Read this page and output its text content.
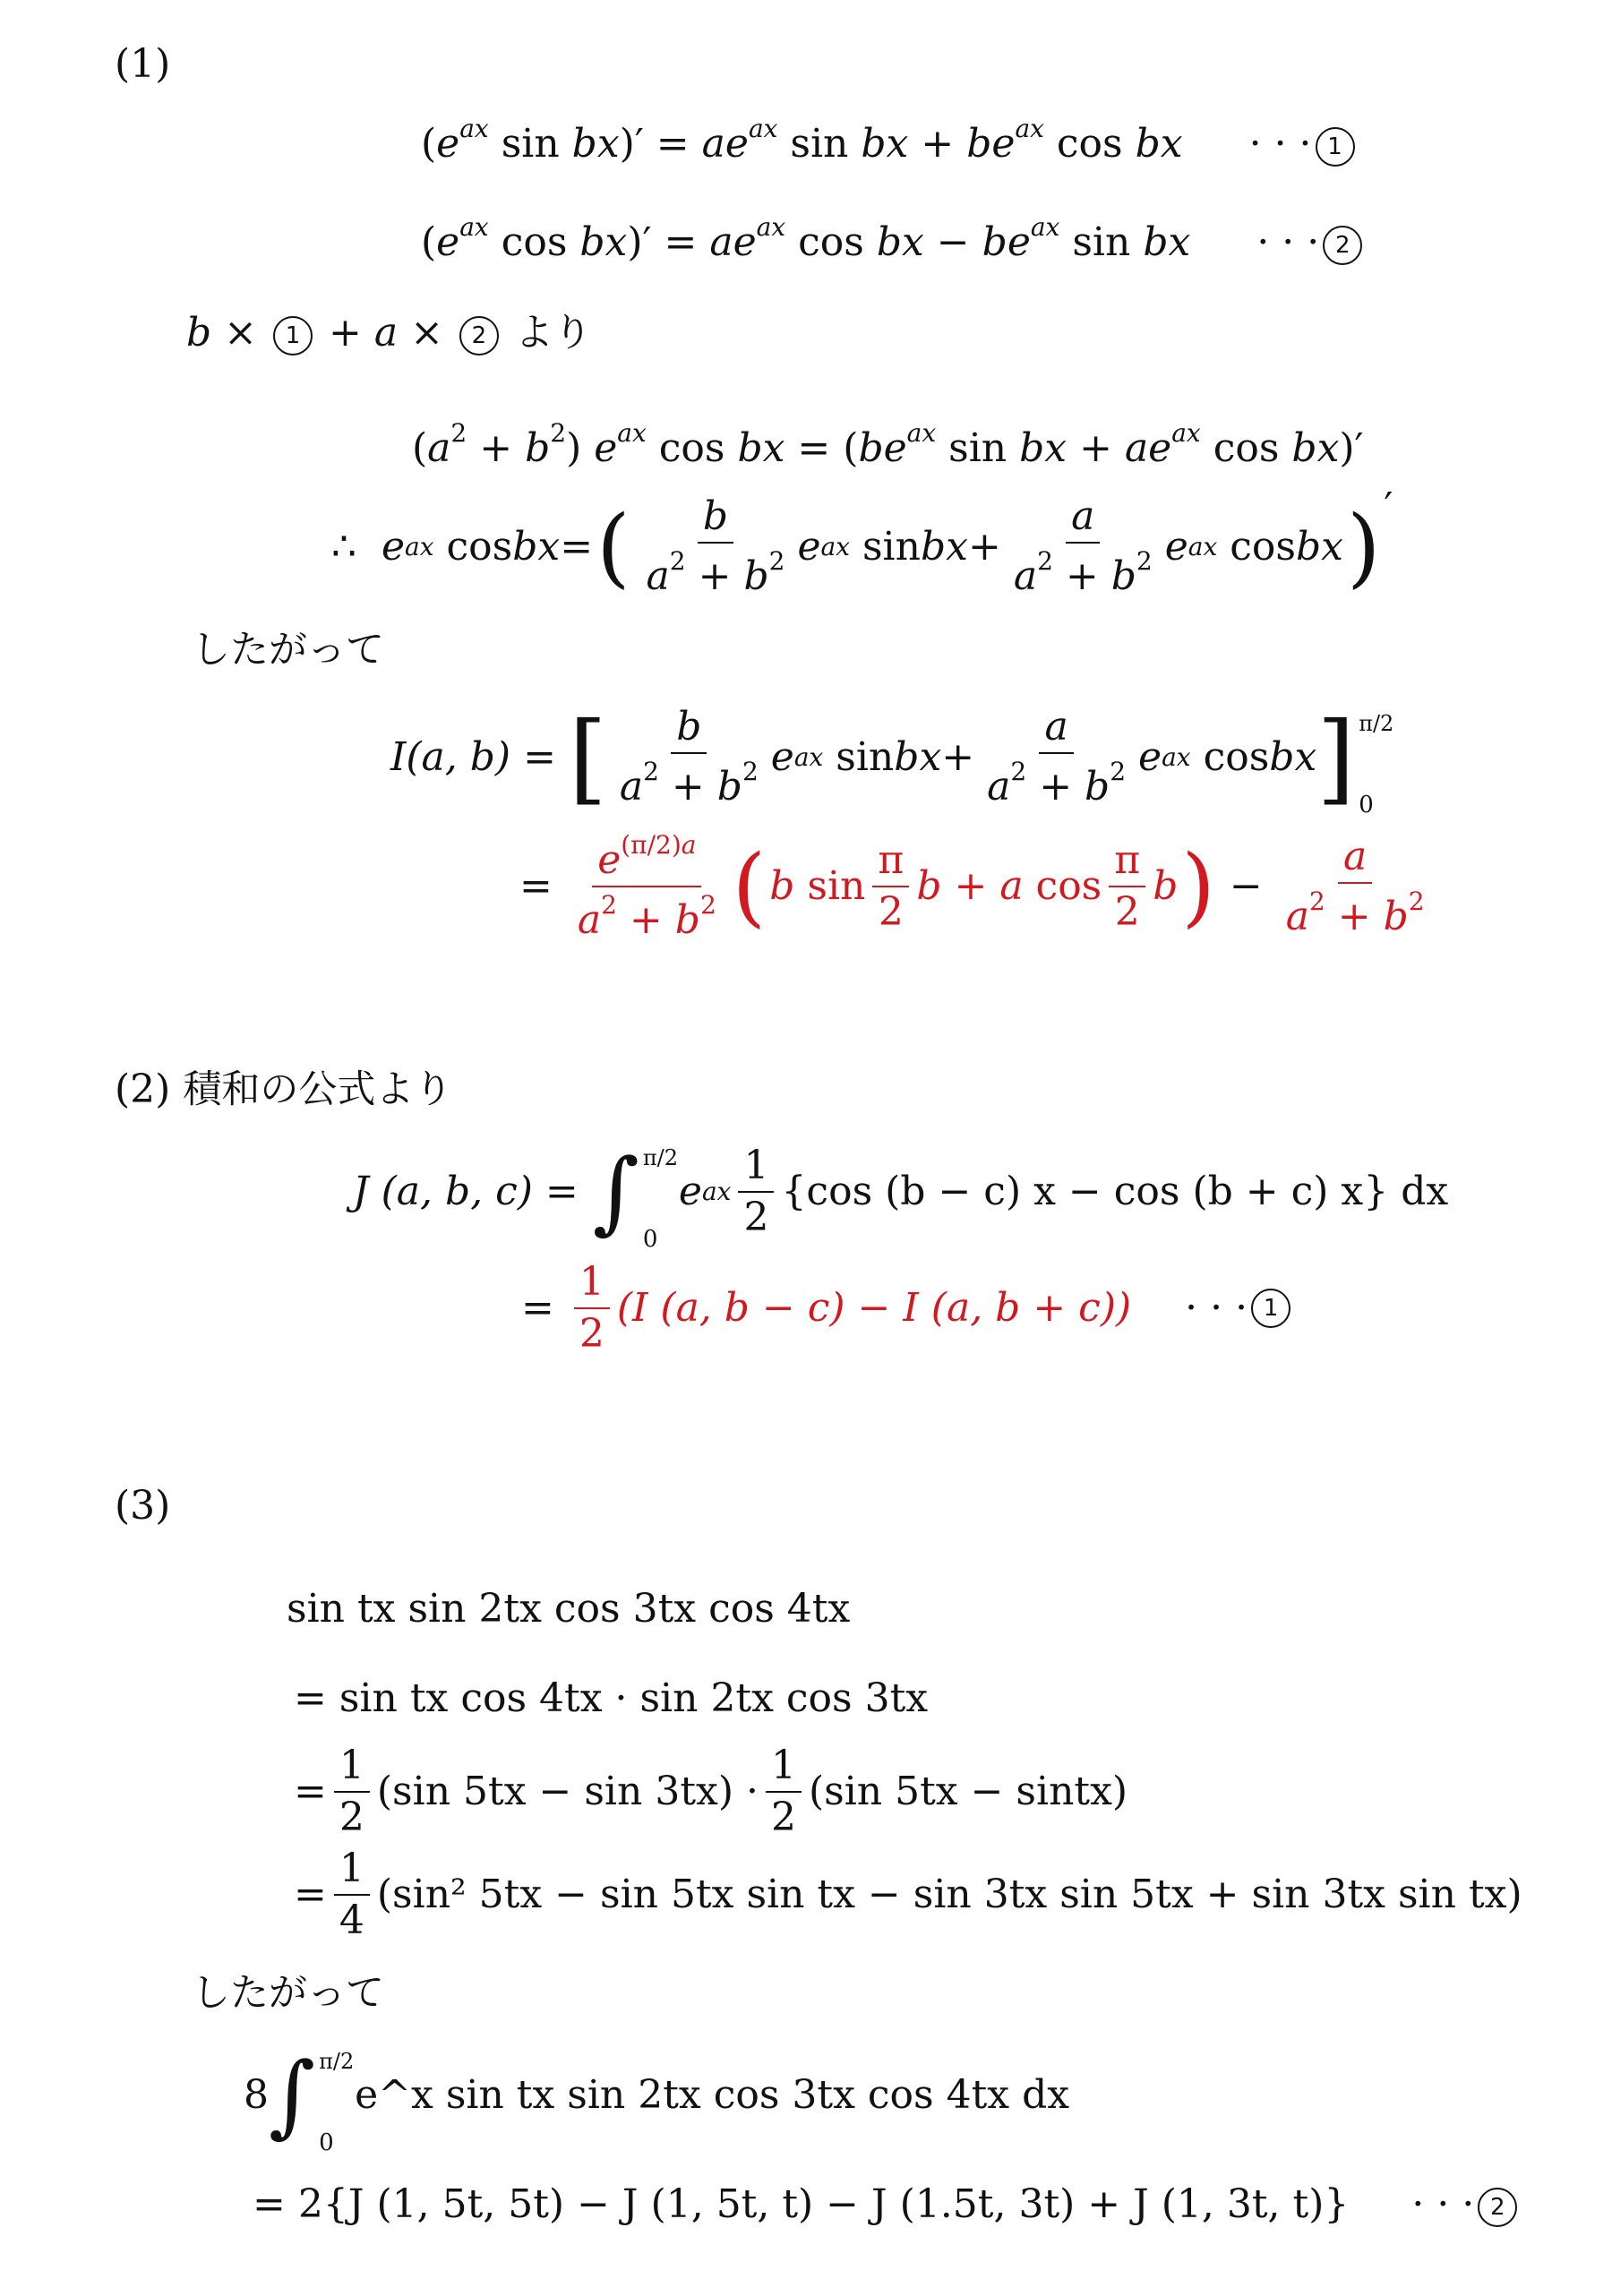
(1)
($e^{ax}$ $\sin bx)' = ae^{ax}$ sin bx + $be^{ax}$ cos bx · · · 1
($e^{ax}$ $\cos bx)' = ae^{ax}$ cos bx − $be^{ax}$ sin bx · · · 2
b × 1 + a × 2 より
$(a^2 + b^2)$ $e^{ax}$ cos bx = ($be^{ax}$ sin bx + $ae^{ax}$ cos bx)′
∴ e ax cos bx = ( $\frac{b}{a^2 + b^2}$ e ax sin bx + $\frac{a}{a^2 + b^2}$ e ax cos bx ) ′
したがって
I(a, b) = [ $\frac{b}{a^2 + b^2}$ e ax sin bx + $\frac{a}{a^2 + b^2}$ e ax cos bx ] π/2
0
= $\frac{e^{(\pi/2)a}}{a^2 + b^2}$ ( b $\sin \frac{\pi}{2}$ b + a $\cos \frac{\pi}{2}$ b ) − $\frac{a}{a^2 + b^2}$
(2) 積和の公式より
J (a, b, c) = ∫ π/2
0
e ax $\frac{1}{2} \{\cos$ (b − c) x − cos (b + c) x} dx
= $\frac{1}{2} (I$ (a, b − c) − I (a, b + c)) · · · 1
(3)
sin tx sin 2tx cos 3tx cos 4tx
= sin tx cos 4tx · sin 2tx cos 3tx
= $\frac{1}{2} (\sin$ $5tx - \sin 3tx) \cdot \frac{1}{2} (\sin$ 5tx − sintx)
= $\frac{1}{4} (\sin^2$ 5tx − sin 5tx sin tx − sin 3tx sin 5tx + sin 3tx sin tx)
したがって
8 ∫ π/2
0
e^x sin tx sin 2tx cos 3tx cos 4tx dx
= 2{J (1, 5t, 5t) − J (1, 5t, t) − J (1.5t, 3t) + J (1, 3t, t)} · · · 2
